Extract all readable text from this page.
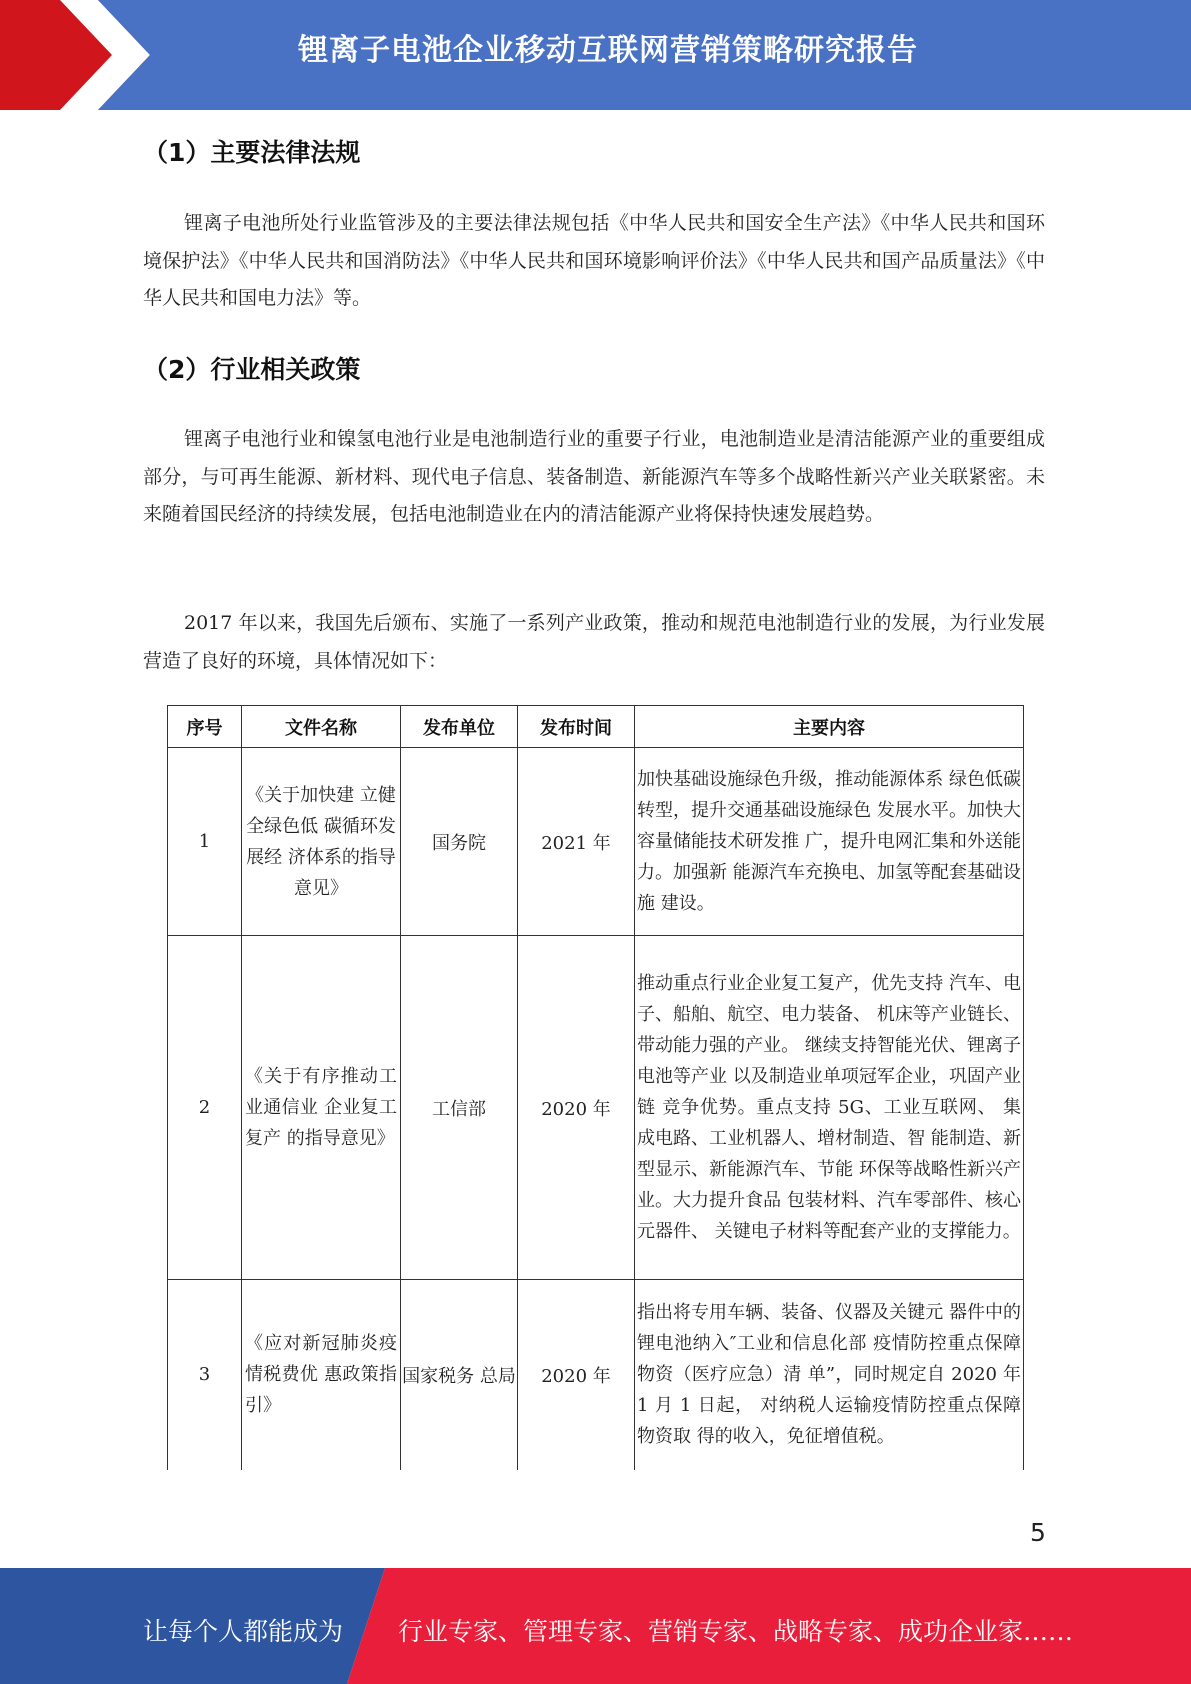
锂离子电池企业移动互联网营销策略研究报告
（1）主要法律法规

锂离子电池所处行业监管涉及的主要法律法规包括《中华人民共和国安全生产法》《中华人民共和国环境保护法》《中华人民共和国消防法》《中华人民共和国环境影响评价法》《中华人民共和国产品质量法》《中华人民共和国电力法》等。

（2）行业相关政策

锂离子电池行业和镍氢电池行业是电池制造行业的重要子行业，电池制造业是清洁能源产业的重要组成部分，与可再生能源、新材料、现代电子信息、装备制造、新能源汽车等多个战略性新兴产业关联紧密。未来随着国民经济的持续发展，包括电池制造业在内的清洁能源产业将保持快速发展趋势。

2017 年以来，我国先后颁布、实施了一系列产业政策，推动和规范电池制造行业的发展，为行业发展营造了良好的环境，具体情况如下：

序号	文件名称	发布单位	发布时间	主要内容
1	《关于加快建 立健全绿色低 碳循环发展经 济体系的指导 意见》	国务院	2021 年	加快基础设施绿色升级，推动能源体系 绿色低碳转型，提升交通基础设施绿色 发展水平。加快大容量储能技术研发推 广，提升电网汇集和外送能力。加强新 能源汽车充换电、加氢等配套基础设施 建设。
2	《关于有序推动工业通信业 企业复工复产 的指导意见》	工信部	2020 年	推动重点行业企业复工复产，优先支持 汽车、电子、船舶、航空、电力装备、 机床等产业链长、带动能力强的产业。 继续支持智能光伏、锂离子电池等产业 以及制造业单项冠军企业，巩固产业链 竞争优势。重点支持 5G、工业互联网、 集成电路、工业机器人、增材制造、智 能制造、新型显示、新能源汽车、节能 环保等战略性新兴产业。大力提升食品 包装材料、汽车零部件、核心元器件、 关键电子材料等配套产业的支撑能力。
3	《应对新冠肺炎疫情税费优 惠政策指引》	国家税务 总局	2020 年	指出将专用车辆、装备、仪器及关键元 器件中的锂电池纳入″工业和信息化部 疫情防控重点保障物资（医疗应急）清 单”，同时规定自 2020 年 1 月 1 日起， 对纳税人运输疫情防控重点保障物资取 得的收入，免征增值税。
5
让每个人都能成为 行业专家、管理专家、营销专家、战略专家、成功企业家……
